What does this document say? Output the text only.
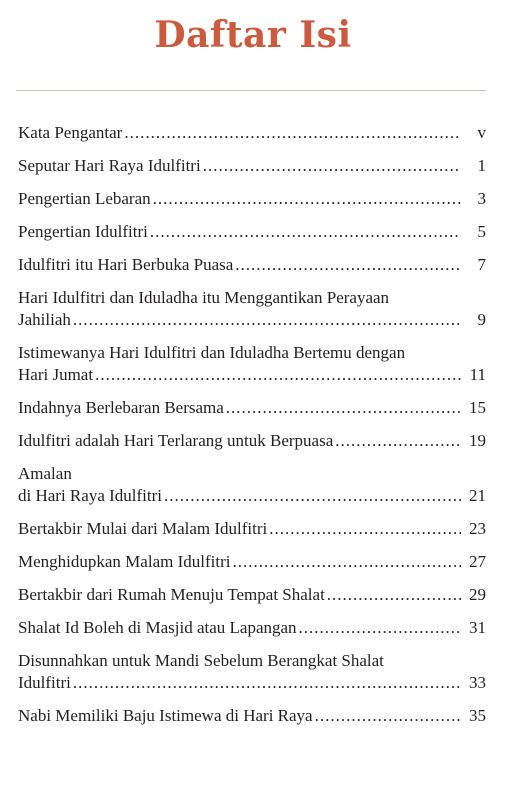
Daftar Isi
Kata Pengantar .....	v
Seputar Hari Raya Idulfitri .....	1
Pengertian Lebaran .....	3
Pengertian Idulfitri .....	5
Idulfitri itu Hari Berbuka Puasa .....	7
Hari Idulfitri dan Iduladha itu Menggantikan Perayaan
Jahiliah .....	9
Istimewanya Hari Idulfitri dan Iduladha Bertemu dengan
Hari Jumat .....	11
Indahnya Berlebaran Bersama .....	15
Idulfitri adalah Hari Terlarang untuk Berpuasa .....	19
Amalan
di Hari Raya Idulfitri .....	21
Bertakbir Mulai dari Malam Idulfitri .....	23
Menghidupkan Malam Idulfitri .....	27
Bertakbir dari Rumah Menuju Tempat Shalat .....	29
Shalat Id Boleh di Masjid atau Lapangan .....	31
Disunnahkan untuk Mandi Sebelum Berangkat Shalat
Idulfitri .....	33
Nabi Memiliki Baju Istimewa di Hari Raya .....	35
